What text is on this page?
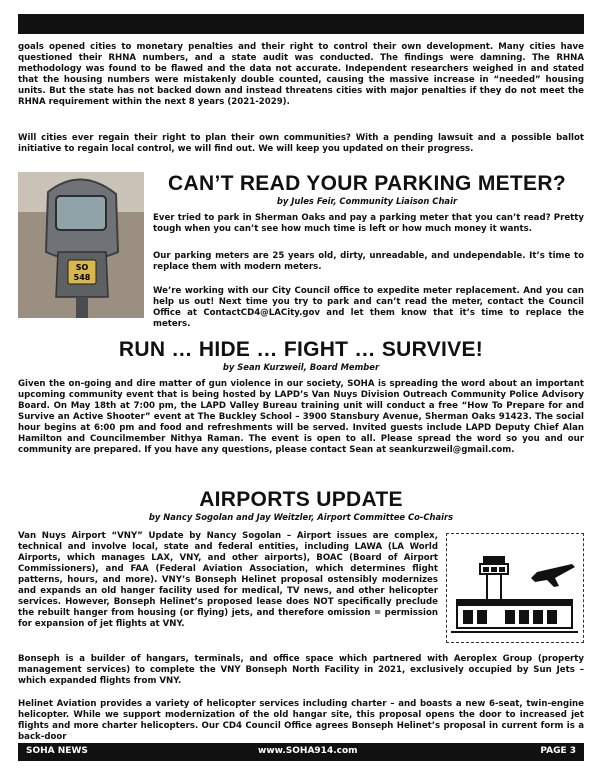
goals opened cities to monetary penalties and their right to control their own development. Many cities have questioned their RHNA numbers, and a state audit was conducted. The findings were damning. The RHNA methodology was found to be flawed and the data not accurate. Independent researchers weighed in and stated that the housing numbers were mistakenly double counted, causing the massive increase in “needed” housing units. But the state has not backed down and instead threatens cities with major penalties if they do not meet the RHNA requirement within the next 8 years (2021-2029).

Will cities ever regain their right to plan their own communities? With a pending lawsuit and a possible ballot initiative to regain local control, we will find out. We will keep you updated on their progress.

SO
548
CAN’T READ YOUR PARKING METER?

by Jules Feir, Community Liaison Chair

Ever tried to park in Sherman Oaks and pay a parking meter that you can’t read? Pretty tough when you can’t see how much time is left or how much money it wants.

Our parking meters are 25 years old, dirty, unreadable, and undependable. It’s time to replace them with modern meters.

We’re working with our City Council office to expedite meter replacement. And you can help us out! Next time you try to park and can’t read the meter, contact the Council Office at ContactCD4@LACity.gov and let them know that it’s time to replace the meters.

RUN … HIDE … FIGHT … SURVIVE!

by Sean Kurzweil, Board Member

Given the on-going and dire matter of gun violence in our society, SOHA is spreading the word about an important upcoming community event that is being hosted by LAPD’s Van Nuys Division Outreach Community Police Advisory Board. On May 18th at 7:00 pm, the LAPD Valley Bureau training unit will conduct a free “How To Prepare for and Survive an Active Shooter” event at The Buckley School – 3900 Stansbury Avenue, Sherman Oaks 91423. The social hour begins at 6:00 pm and food and refreshments will be served. Invited guests include LAPD Deputy Chief Alan Hamilton and Councilmember Nithya Raman. The event is open to all. Please spread the word so you and our community are prepared. If you have any questions, please contact Sean at seankurzweil@gmail.com.

AIRPORTS UPDATE

by Nancy Sogolan and Jay Weitzler, Airport Committee Co-Chairs

Van Nuys Airport “VNY” Update by Nancy Sogolan – Airport issues are complex, technical and involve local, state and federal entities, including LAWA (LA World Airports, which manages LAX, VNY, and other airports), BOAC (Board of Airport Commissioners), and FAA (Federal Aviation Association, which determines flight patterns, hours, and more). VNY’s Bonseph Helinet proposal ostensibly modernizes and expands an old hanger facility used for medical, TV news, and other helicopter services. However, Bonseph Helinet’s proposed lease does NOT specifically preclude the rebuilt hanger from housing (or flying) jets, and therefore omission = permission for expansion of jet flights at VNY.

Bonseph is a builder of hangars, terminals, and office space which partnered with Aeroplex Group (property management services) to complete the VNY Bonseph North Facility in 2021, exclusively occupied by Sun Jets – which expanded flights from VNY.

Helinet Aviation provides a variety of helicopter services including charter – and boasts a new 6-seat, twin-engine helicopter. While we support modernization of the old hangar site, this proposal opens the door to increased jet flights and more charter helicopters. Our CD4 Council Office agrees Bonseph Helinet’s proposal in current form is a back-door

SOHA NEWS	www.SOHA914.com	PAGE 3
